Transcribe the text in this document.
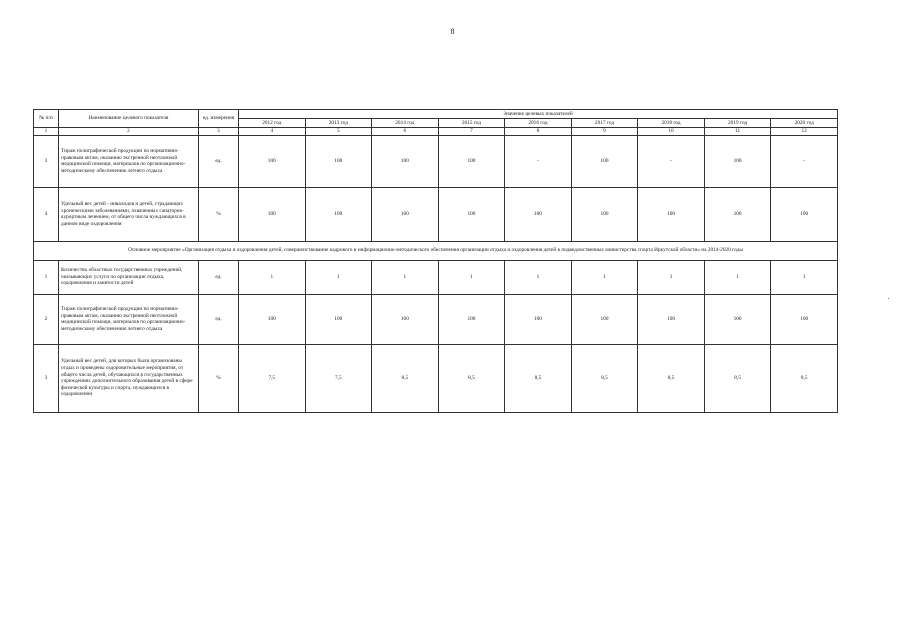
8
№ п/п	Наименование целевого показателя	ед. измерения	Значение целевых показателей								
			2012 год	2013 год	2014 год	2015 год	2016 год	2017 год	2018 год	2019 год	2020 год
1	2	3	4	5	6	7	8	9	10	11	12
3	Тираж полиграфической продукции по нормативно-правовым актам, оказанию экстренной неотложной медицинской помощи, материалов по организационно-методическому обеспечению летнего отдыха	ед.	100	100	100	100	-	100	-	100	-
4	Удельный вес детей - инвалидов и детей, страдающих хроническими заболеваниями, охваченных санаторно-курортным лечением, от общего числа нуждающихся в данном виде оздоровления	%	100	100	100	100	100	100	100	100	100
Основное мероприятие «Организация отдыха и оздоровления детей, совершенствование кадрового и информационно-методического обеспечения организации отдыха и оздоровления детей в подведомственных министерства спорта Иркутской области» на 2014-2020 годы											
1	Количество областных государственных учреждений, оказывающих услуги по организации отдыха, оздоровления и занятости детей	ед.	1	1	1	1	1	1	1	1	1
2	Тираж полиграфической продукции по нормативно-правовым актам, оказанию экстренной неотложной медицинской помощи, материалов по организационно-методическому обеспечению летнего отдыха	ед.	100	100	100	100	100	100	100	100	100
3	Удельный вес детей, для которых были организованы отдых и проведены оздоровительные мероприятия, от общего числа детей, обучающихся в государственных учреждениях дополнительного образования детей в сфере физической культуры и спорта, нуждающихся в оздоровлении	%	7,5	7,5	8,5	8,5	8,5	8,5	8,5	8,5	8,5
